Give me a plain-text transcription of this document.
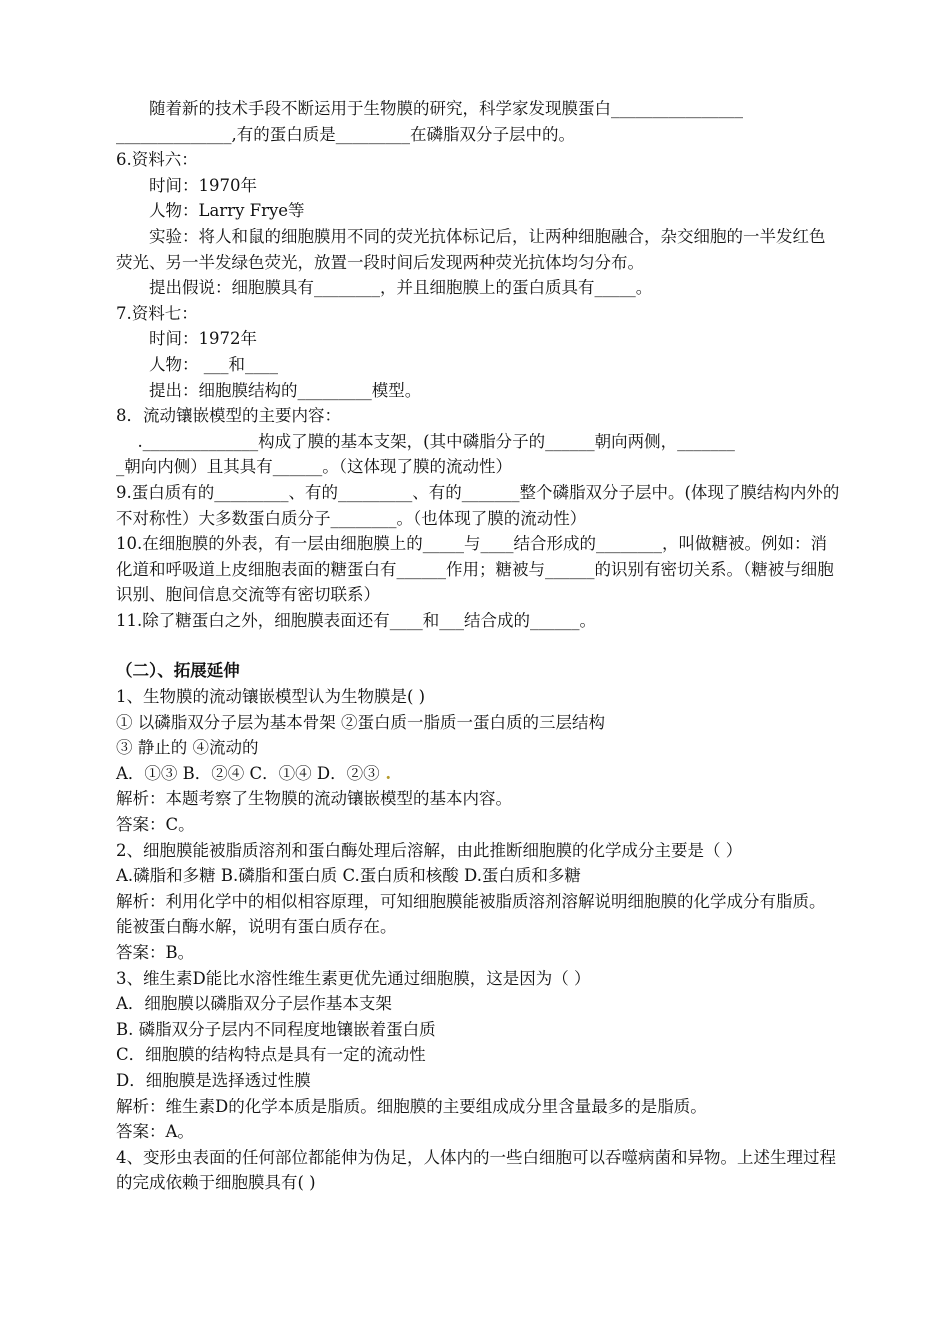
随着新的技术手段不断运用于生物膜的研究，科学家发现膜蛋白________________

______________,有的蛋白质是_________在磷脂双分子层中的。

6.资料六：

时间：1970年

人物：Larry Frye等

实验：将人和鼠的细胞膜用不同的荧光抗体标记后，让两种细胞融合，杂交细胞的一半发红色荧光、另一半发绿色荧光，放置一段时间后发现两种荧光抗体均匀分布。

提出假说：细胞膜具有________，并且细胞膜上的蛋白质具有_____。

7.资料七：

时间：1972年

人物： ___和____

提出：细胞膜结构的_________模型。

8．流动镶嵌模型的主要内容：

.______________构成了膜的基本支架，(其中磷脂分子的______朝向两侧，_______

_朝向内侧）且其具有______。（这体现了膜的流动性）

9.蛋白质有的_________、有的_________、有的_______整个磷脂双分子层中。(体现了膜结构内外的不对称性）大多数蛋白质分子________。（也体现了膜的流动性）

10.在细胞膜的外表，有一层由细胞膜上的_____与____结合形成的________，叫做糖被。例如：消化道和呼吸道上皮细胞表面的糖蛋白有______作用；糖被与______的识别有密切关系。（糖被与细胞识别、胞间信息交流等有密切联系）

11.除了糖蛋白之外，细胞膜表面还有____和___结合成的______。

（二）、拓展延伸

1、生物膜的流动镶嵌模型认为生物膜是( )

① 以磷脂双分子层为基本骨架 ②蛋白质一脂质一蛋白质的三层结构

③ 静止的 ④流动的

A．①③ B．②④ C．①④ D．②③ .

解析：本题考察了生物膜的流动镶嵌模型的基本内容。

答案：C。

2、细胞膜能被脂质溶剂和蛋白酶处理后溶解，由此推断细胞膜的化学成分主要是（ ）

A.磷脂和多糖 B.磷脂和蛋白质 C.蛋白质和核酸 D.蛋白质和多糖

解析：利用化学中的相似相容原理，可知细胞膜能被脂质溶剂溶解说明细胞膜的化学成分有脂质。能被蛋白酶水解，说明有蛋白质存在。

答案：B。

3、维生素D能比水溶性维生素更优先通过细胞膜，这是因为（ ）

A．细胞膜以磷脂双分子层作基本支架

B. 磷脂双分子层内不同程度地镶嵌着蛋白质

C．细胞膜的结构特点是具有一定的流动性

D．细胞膜是选择透过性膜

解析：维生素D的化学本质是脂质。细胞膜的主要组成成分里含量最多的是脂质。

答案：A。

4、变形虫表面的任何部位都能伸为伪足，人体内的一些白细胞可以吞噬病菌和异物。上述生理过程的完成依赖于细胞膜具有( )
